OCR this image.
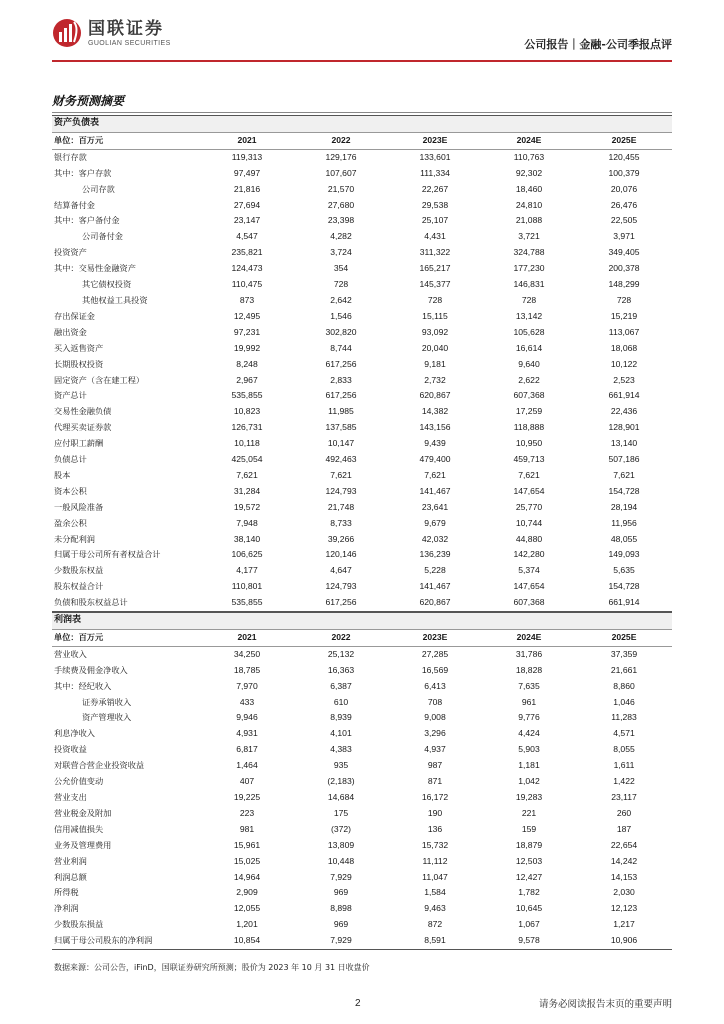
国联证券
GUOLIAN SECURITIES	公司报告｜金融-公司季报点评
财务预测摘要
资产负债表					
单位：百万元	2021	2022	2023E	2024E	2025E
银行存款	119,313	129,176	133,601	110,763	120,455
其中：客户存款	97,497	107,607	111,334	92,302	100,379
公司存款	21,816	21,570	22,267	18,460	20,076
结算备付金	27,694	27,680	29,538	24,810	26,476
其中：客户备付金	23,147	23,398	25,107	21,088	22,505
公司备付金	4,547	4,282	4,431	3,721	3,971
投资资产	235,821	3,724	311,322	324,788	349,405
其中：交易性金融资产	124,473	354	165,217	177,230	200,378
其它债权投资	110,475	728	145,377	146,831	148,299
其他权益工具投资	873	2,642	728	728	728
存出保证金	12,495	1,546	15,115	13,142	15,219
融出资金	97,231	302,820	93,092	105,628	113,067
买入返售资产	19,992	8,744	20,040	16,614	18,068
长期股权投资	8,248	617,256	9,181	9,640	10,122
固定资产（含在建工程）	2,967	2,833	2,732	2,622	2,523
资产总计	535,855	617,256	620,867	607,368	661,914
交易性金融负债	10,823	11,985	14,382	17,259	22,436
代理买卖证券款	126,731	137,585	143,156	118,888	128,901
应付职工薪酬	10,118	10,147	9,439	10,950	13,140
负债总计	425,054	492,463	479,400	459,713	507,186
股本	7,621	7,621	7,621	7,621	7,621
资本公积	31,284	124,793	141,467	147,654	154,728
一般风险准备	19,572	21,748	23,641	25,770	28,194
盈余公积	7,948	8,733	9,679	10,744	11,956
未分配利润	38,140	39,266	42,032	44,880	48,055
归属于母公司所有者权益合计	106,625	120,146	136,239	142,280	149,093
少数股东权益	4,177	4,647	5,228	5,374	5,635
股东权益合计	110,801	124,793	141,467	147,654	154,728
负债和股东权益总计	535,855	617,256	620,867	607,368	661,914
利润表					
单位：百万元	2021	2022	2023E	2024E	2025E
营业收入	34,250	25,132	27,285	31,786	37,359
手续费及佣金净收入	18,785	16,363	16,569	18,828	21,661
其中：经纪收入	7,970	6,387	6,413	7,635	8,860
证券承销收入	433	610	708	961	1,046
资产管理收入	9,946	8,939	9,008	9,776	11,283
利息净收入	4,931	4,101	3,296	4,424	4,571
投资收益	6,817	4,383	4,937	5,903	8,055
对联营合营企业投资收益	1,464	935	987	1,181	1,611
公允价值变动	407	(2,183)	871	1,042	1,422
营业支出	19,225	14,684	16,172	19,283	23,117
营业税金及附加	223	175	190	221	260
信用减值损失	981	(372)	136	159	187
业务及管理费用	15,961	13,809	15,732	18,879	22,654
营业利润	15,025	10,448	11,112	12,503	14,242
利润总额	14,964	7,929	11,047	12,427	14,153
所得税	2,909	969	1,584	1,782	2,030
净利润	12,055	8,898	9,463	10,645	12,123
少数股东损益	1,201	969	872	1,067	1,217
归属于母公司股东的净利润	10,854	7,929	8,591	9,578	10,906
数据来源：公司公告，iFinD，国联证券研究所预测；股价为 2023 年 10 月 31 日收盘价
2	请务必阅读报告末页的重要声明
